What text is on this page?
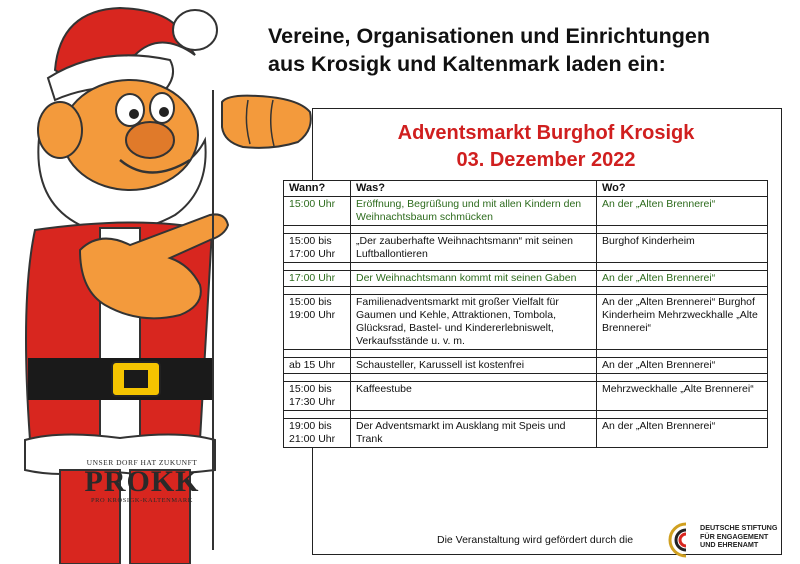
Vereine, Organisationen und Einrichtungen
aus Krosigk und Kaltenmark laden ein:
Adventsmarkt Burghof Krosigk
03. Dezember 2022
Wann?	Was?	Wo?
15:00 Uhr	Eröffnung, Begrüßung und mit allen Kindern den Weihnachtsbaum schmücken	An der „Alten Brennerei“

15:00 bis 17:00 Uhr	„Der zauberhafte Weihnachtsmann“ mit seinen Luftballontieren	Burghof Kinderheim

17:00 Uhr	Der Weihnachtsmann kommt mit seinen Gaben	An der „Alten Brennerei“

15:00 bis 19:00 Uhr	Familienadventsmarkt mit großer Vielfalt für Gaumen und Kehle, Attraktionen, Tombola, Glücksrad, Bastel- und Kindererlebniswelt, Verkaufsstände u. v. m.	An der „Alten Brennerei“ Burghof Kinderheim Mehrzweckhalle „Alte Brennerei“

ab 15 Uhr	Schausteller, Karussell ist kostenfrei	An der „Alten Brennerei“

15:00 bis 17:30 Uhr	Kaffeestube	Mehrzweckhalle „Alte Brennerei“

19:00 bis 21:00 Uhr	Der Adventsmarkt im Ausklang mit Speis und Trank	An der „Alten Brennerei“
UNSER DORF HAT ZUKUNFT
PROKK
PRO KROSIGK-KALTENMARK
Die Veranstaltung wird gefördert durch die
DEUTSCHE STIFTUNG
FÜR ENGAGEMENT
UND EHRENAMT
